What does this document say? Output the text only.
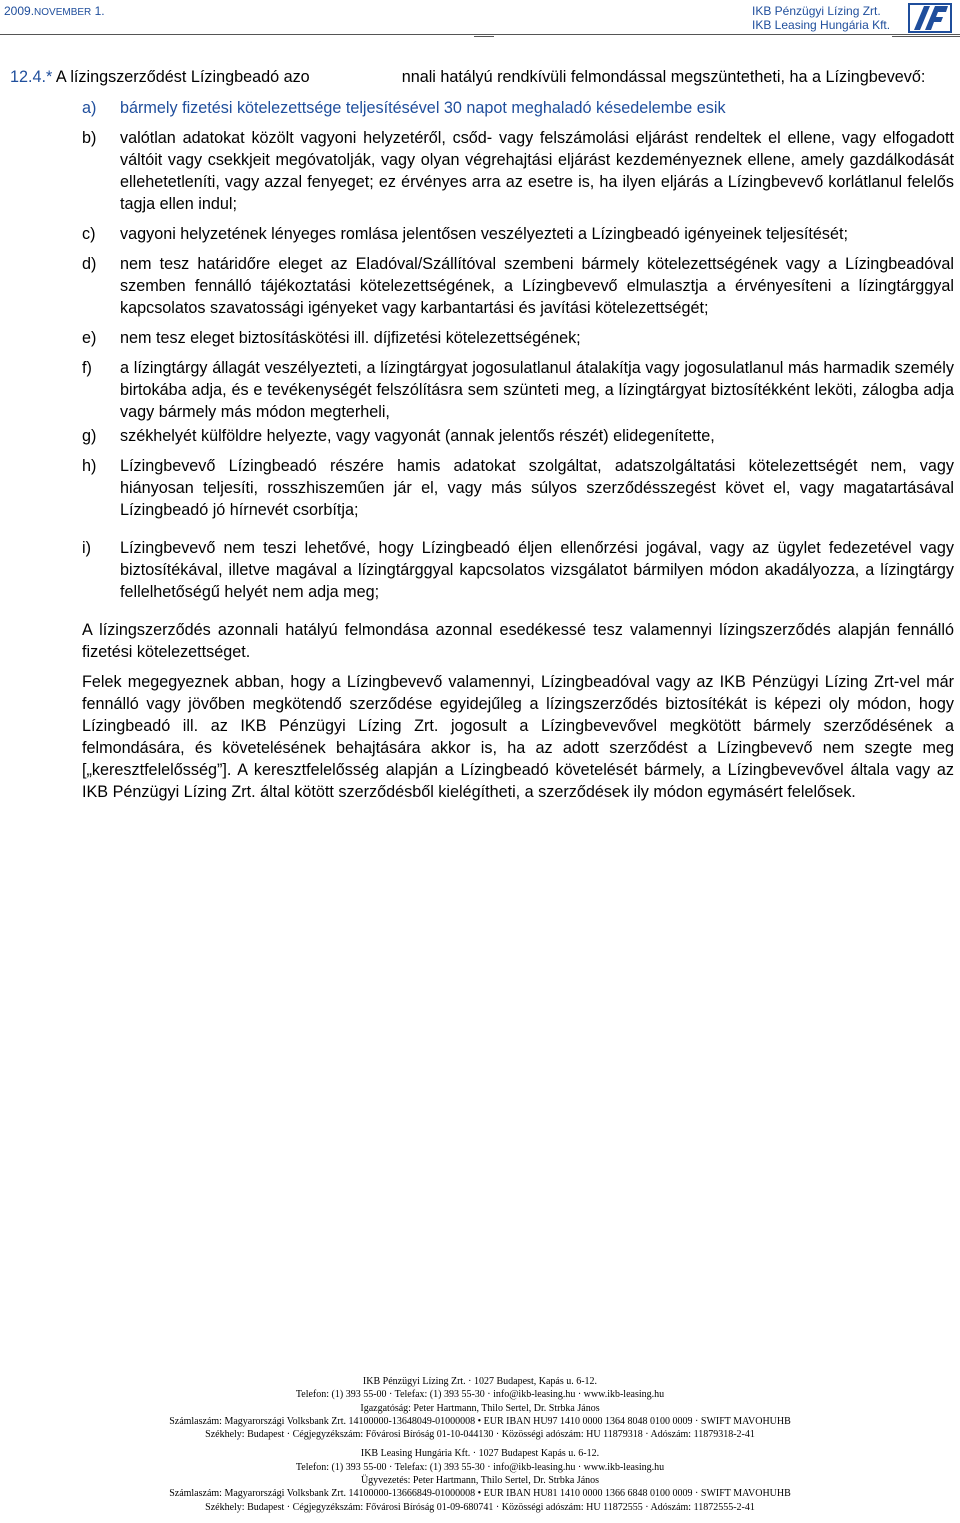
2009.NOVEMBER 1.	IKB Pénzügyi Lízing Zrt.
IKB Leasing Hungária Kft.

12.4.* A lízingszerződést Lízingbeadó azo	nnali hatályú rendkívüli felmondással megszüntetheti, ha a Lízingbevevő:

a) bármely fizetési kötelezettsége teljesítésével 30 napot meghaladó késedelembe esik
b) valótlan adatokat közölt vagyoni helyzetéről, csőd- vagy felszámolási eljárást rendeltek el ellene, vagy elfogadott váltóit vagy csekkjeit megóvatolják, vagy olyan végrehajtási eljárást kezdeményeznek ellene, amely gazdálkodását ellehetetleníti, vagy azzal fenyeget; ez érvényes arra az esetre is, ha ilyen eljárás a Lízingbevevő korlátlanul felelős tagja ellen indul;
c) vagyoni helyzetének lényeges romlása jelentősen veszélyezteti a Lízingbeadó igényeinek teljesítését;
d) nem tesz határidőre eleget az Eladóval/Szállítóval szembeni bármely kötelezettségének vagy a Lízingbeadóval szemben fennálló tájékoztatási kötelezettségének, a Lízingbevevő elmulasztja a érvényesíteni a lízingtárggyal kapcsolatos szavatossági igényeket vagy karbantartási és javítási kötelezettségét;
e) nem tesz eleget biztosításkötési ill. díjfizetési kötelezettségének;
f) a lízingtárgy állagát veszélyezteti, a lízingtárgyat jogosulatlanul átalakítja vagy jogosulatlanul más harmadik személy birtokába adja, és e tevékenységét felszólításra sem szünteti meg, a lízingtárgyat biztosítékként leköti, zálogba adja vagy bármely más módon megterheli,
g) székhelyét külföldre helyezte, vagy vagyonát (annak jelentős részét) elidegenítette,
h) Lízingbevevő Lízingbeadó részére hamis adatokat szolgáltat, adatszolgáltatási kötelezettségét nem, vagy hiányosan teljesíti, rosszhiszeműen jár el, vagy más súlyos szerződésszegést követ el, vagy magatartásával Lízingbeadó jó hírnevét csorbítja;
i) Lízingbevevő nem teszi lehetővé, hogy Lízingbeadó éljen ellenőrzési jogával, vagy az ügylet fedezetével vagy biztosítékával, illetve magával a lízingtárggyal kapcsolatos vizsgálatot bármilyen módon akadályozza, a lízingtárgy fellelhetőségű helyét nem adja meg;

A lízingszerződés azonnali hatályú felmondása azonnal esedékessé tesz valamennyi lízingszerződés alapján fennálló fizetési kötelezettséget.

Felek megegyeznek abban, hogy a Lízingbevevő valamennyi, Lízingbeadóval vagy az IKB Pénzügyi Lízing Zrt-vel már fennálló vagy jövőben megkötendő szerződése egyidejűleg a lízingszerződés biztosítékát is képezi oly módon, hogy Lízingbeadó ill. az IKB Pénzügyi Lízing Zrt. jogosult a Lízingbevevővel megkötött bármely szerződésének a felmondására, és követelésének behajtására akkor is, ha az adott szerződést a Lízingbevevő nem szegte meg [„keresztfelelősség”]. A keresztfelelősség alapján a Lízingbeadó követelését bármely, a Lízingbevevővel általa vagy az IKB Pénzügyi Lízing Zrt. által kötött szerződésből kielégítheti, a szerződések ily módon egymásért felelősek.

IKB Pénzügyi Lízing Zrt. · 1027 Budapest, Kapás u. 6-12.
Telefon: (1) 393 55-00 · Telefax: (1) 393 55-30 · info@ikb-leasing.hu · www.ikb-leasing.hu
Igazgatóság: Peter Hartmann, Thilo Sertel, Dr. Strbka János
Számlaszám: Magyarországi Volksbank Zrt. 14100000-13648049-01000008 • EUR IBAN HU97 1410 0000 1364 8048 0100 0009 · SWIFT MAVOHUHB
Székhely: Budapest · Cégjegyzékszám: Fővárosi Bíróság 01-10-044130 · Közösségi adószám: HU 11879318 · Adószám: 11879318-2-41
IKB Leasing Hungária Kft. · 1027 Budapest Kapás u. 6-12.
Telefon: (1) 393 55-00 · Telefax: (1) 393 55-30 · info@ikb-leasing.hu · www.ikb-leasing.hu
Ügyvezetés: Peter Hartmann, Thilo Sertel, Dr. Strbka János
Számlaszám: Magyarországi Volksbank Zrt. 14100000-13666849-01000008 • EUR IBAN HU81 1410 0000 1366 6848 0100 0009 · SWIFT MAVOHUHB
Székhely: Budapest · Cégjegyzékszám: Fővárosi Bíróság 01-09-680741 · Közösségi adószám: HU 11872555 · Adószám: 11872555-2-41
